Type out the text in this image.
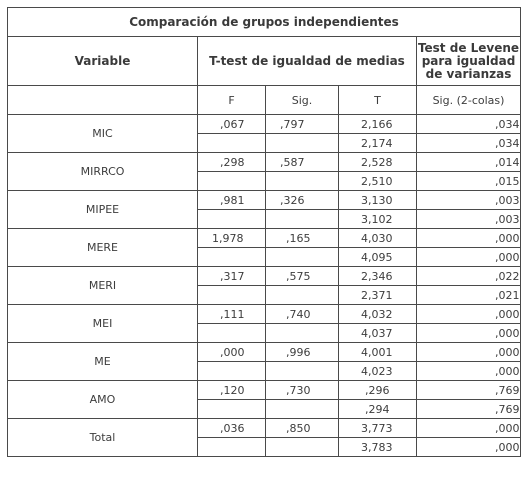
Comparación de grupos independientes				
Variable	T-test de igualdad de medias			Test de Levene para igualdad de varianzas

	F	Sig.	T	Sig. (2-colas)
MIC	,067	,797	2,166	,034
			2,174	,034
MIRRCO	,298	,587	2,528	,014
			2,510	,015
MIPEE	,981	,326	3,130	,003
			3,102	,003
MERE	1,978	,165	4,030	,000
			4,095	,000
MERI	,317	,575	2,346	,022
			2,371	,021
MEI	,111	,740	4,032	,000
			4,037	,000
ME	,000	,996	4,001	,000
			4,023	,000
AMO	,120	,730	,296	,769
			,294	,769
Total	,036	,850	3,773	,000
			3,783	,000
